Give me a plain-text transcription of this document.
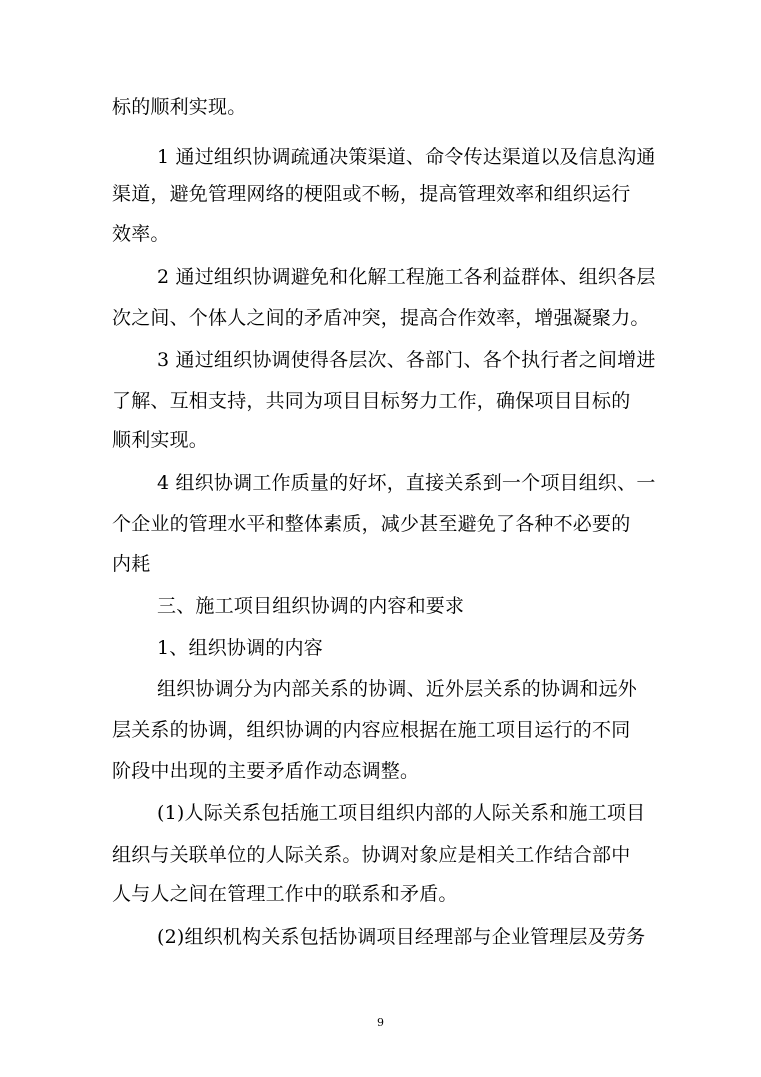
标的顺利实现。
1 通过组织协调疏通决策渠道、命令传达渠道以及信息沟通
渠道，避免管理网络的梗阻或不畅，提高管理效率和组织运行
效率。
2 通过组织协调避免和化解工程施工各利益群体、组织各层
次之间、个体人之间的矛盾冲突，提高合作效率，增强凝聚力。
3 通过组织协调使得各层次、各部门、各个执行者之间增进
了解、互相支持，共同为项目目标努力工作，确保项目目标的
顺利实现。
4 组织协调工作质量的好坏，直接关系到一个项目组织、一
个企业的管理水平和整体素质，减少甚至避免了各种不必要的
内耗
三、施工项目组织协调的内容和要求
1、组织协调的内容
组织协调分为内部关系的协调、近外层关系的协调和远外
层关系的协调，组织协调的内容应根据在施工项目运行的不同
阶段中出现的主要矛盾作动态调整。
(1)人际关系包括施工项目组织内部的人际关系和施工项目
组织与关联单位的人际关系。协调对象应是相关工作结合部中
人与人之间在管理工作中的联系和矛盾。
(2)组织机构关系包括协调项目经理部与企业管理层及劳务
9
